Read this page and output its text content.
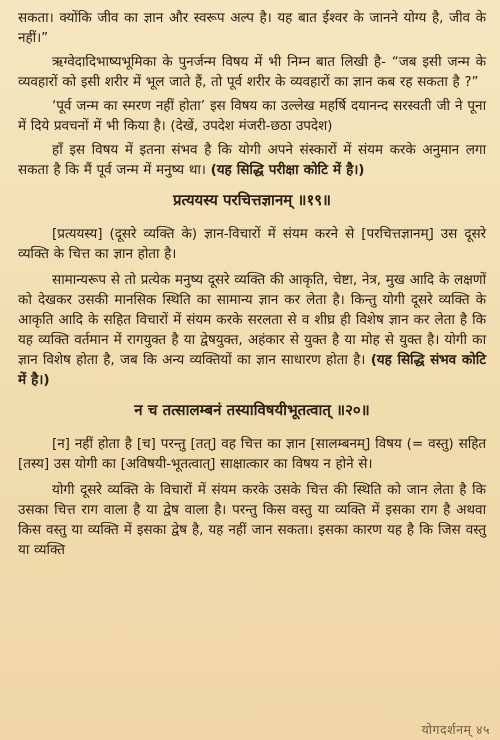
सकता। क्योंकि जीव का ज्ञान और स्वरूप अल्प है। यह बात ईश्वर के जानने योग्य है, जीव के नहीं।”

ऋग्वेदादिभाष्यभूमिका के पुनर्जन्म विषय में भी निम्न बात लिखी है- “जब इसी जन्म के व्यवहारों को इसी शरीर में भूल जाते हैं, तो पूर्व शरीर के व्यवहारों का ज्ञान कब रह सकता है ?”

‘पूर्व जन्म का स्मरण नहीं होता’ इस विषय का उल्लेख महर्षि दयानन्द सरस्वती जी ने पूना में दिये प्रवचनों में भी किया है। (देखें, उपदेश मंजरी-छठा उपदेश)

हाँ इस विषय में इतना संभव है कि योगी अपने संस्कारों में संयम करके अनुमान लगा सकता है कि मैं पूर्व जन्म में मनुष्य था। (यह सिद्धि परीक्षा कोटि में है।)

प्रत्ययस्य परचित्तज्ञानम्‌ ॥१९॥

[प्रत्ययस्य] (दूसरे व्यक्ति के) ज्ञान-विचारों में संयम करने से [परचित्तज्ञानम्] उस दूसरे व्यक्ति के चित्त का ज्ञान होता है।

सामान्यरूप से तो प्रत्येक मनुष्य दूसरे व्यक्ति की आकृति, चेष्टा, नेत्र, मुख आदि के लक्षणों को देखकर उसकी मानसिक स्थिति का सामान्य ज्ञान कर लेता है। किन्तु योगी दूसरे व्यक्ति के आकृति आदि के सहित विचारों में संयम करके सरलता से व शीघ्र ही विशेष ज्ञान कर लेता है कि यह व्यक्ति वर्तमान में रागयुक्त है या द्वेषयुक्त, अहंकार से युक्त है या मोह से युक्त है। योगी का ज्ञान विशेष होता है, जब कि अन्य व्यक्तियों का ज्ञान साधारण होता है। (यह सिद्धि संभव कोटि में है।)

न च तत्सालम्बनं तस्याविषयीभूतत्वात्‌ ॥२०॥

[न] नहीं होता है [च] परन्तु [तत्] वह चित्त का ज्ञान [सालम्बनम्] विषय (= वस्तु) सहित [तस्य] उस योगी का [अविषयी-भूतत्वात्] साक्षात्कार का विषय न होने से।

योगी दूसरे व्यक्ति के विचारों में संयम करके उसके चित्त की स्थिति को जान लेता है कि उसका चित्त राग वाला है या द्वेष वाला है। परन्तु किस वस्तु या व्यक्ति में इसका राग है अथवा किस वस्तु या व्यक्ति में इसका द्वेष है, यह नहीं जान सकता। इसका कारण यह है कि जिस वस्तु या व्यक्ति

योगदर्शनम् ४५
